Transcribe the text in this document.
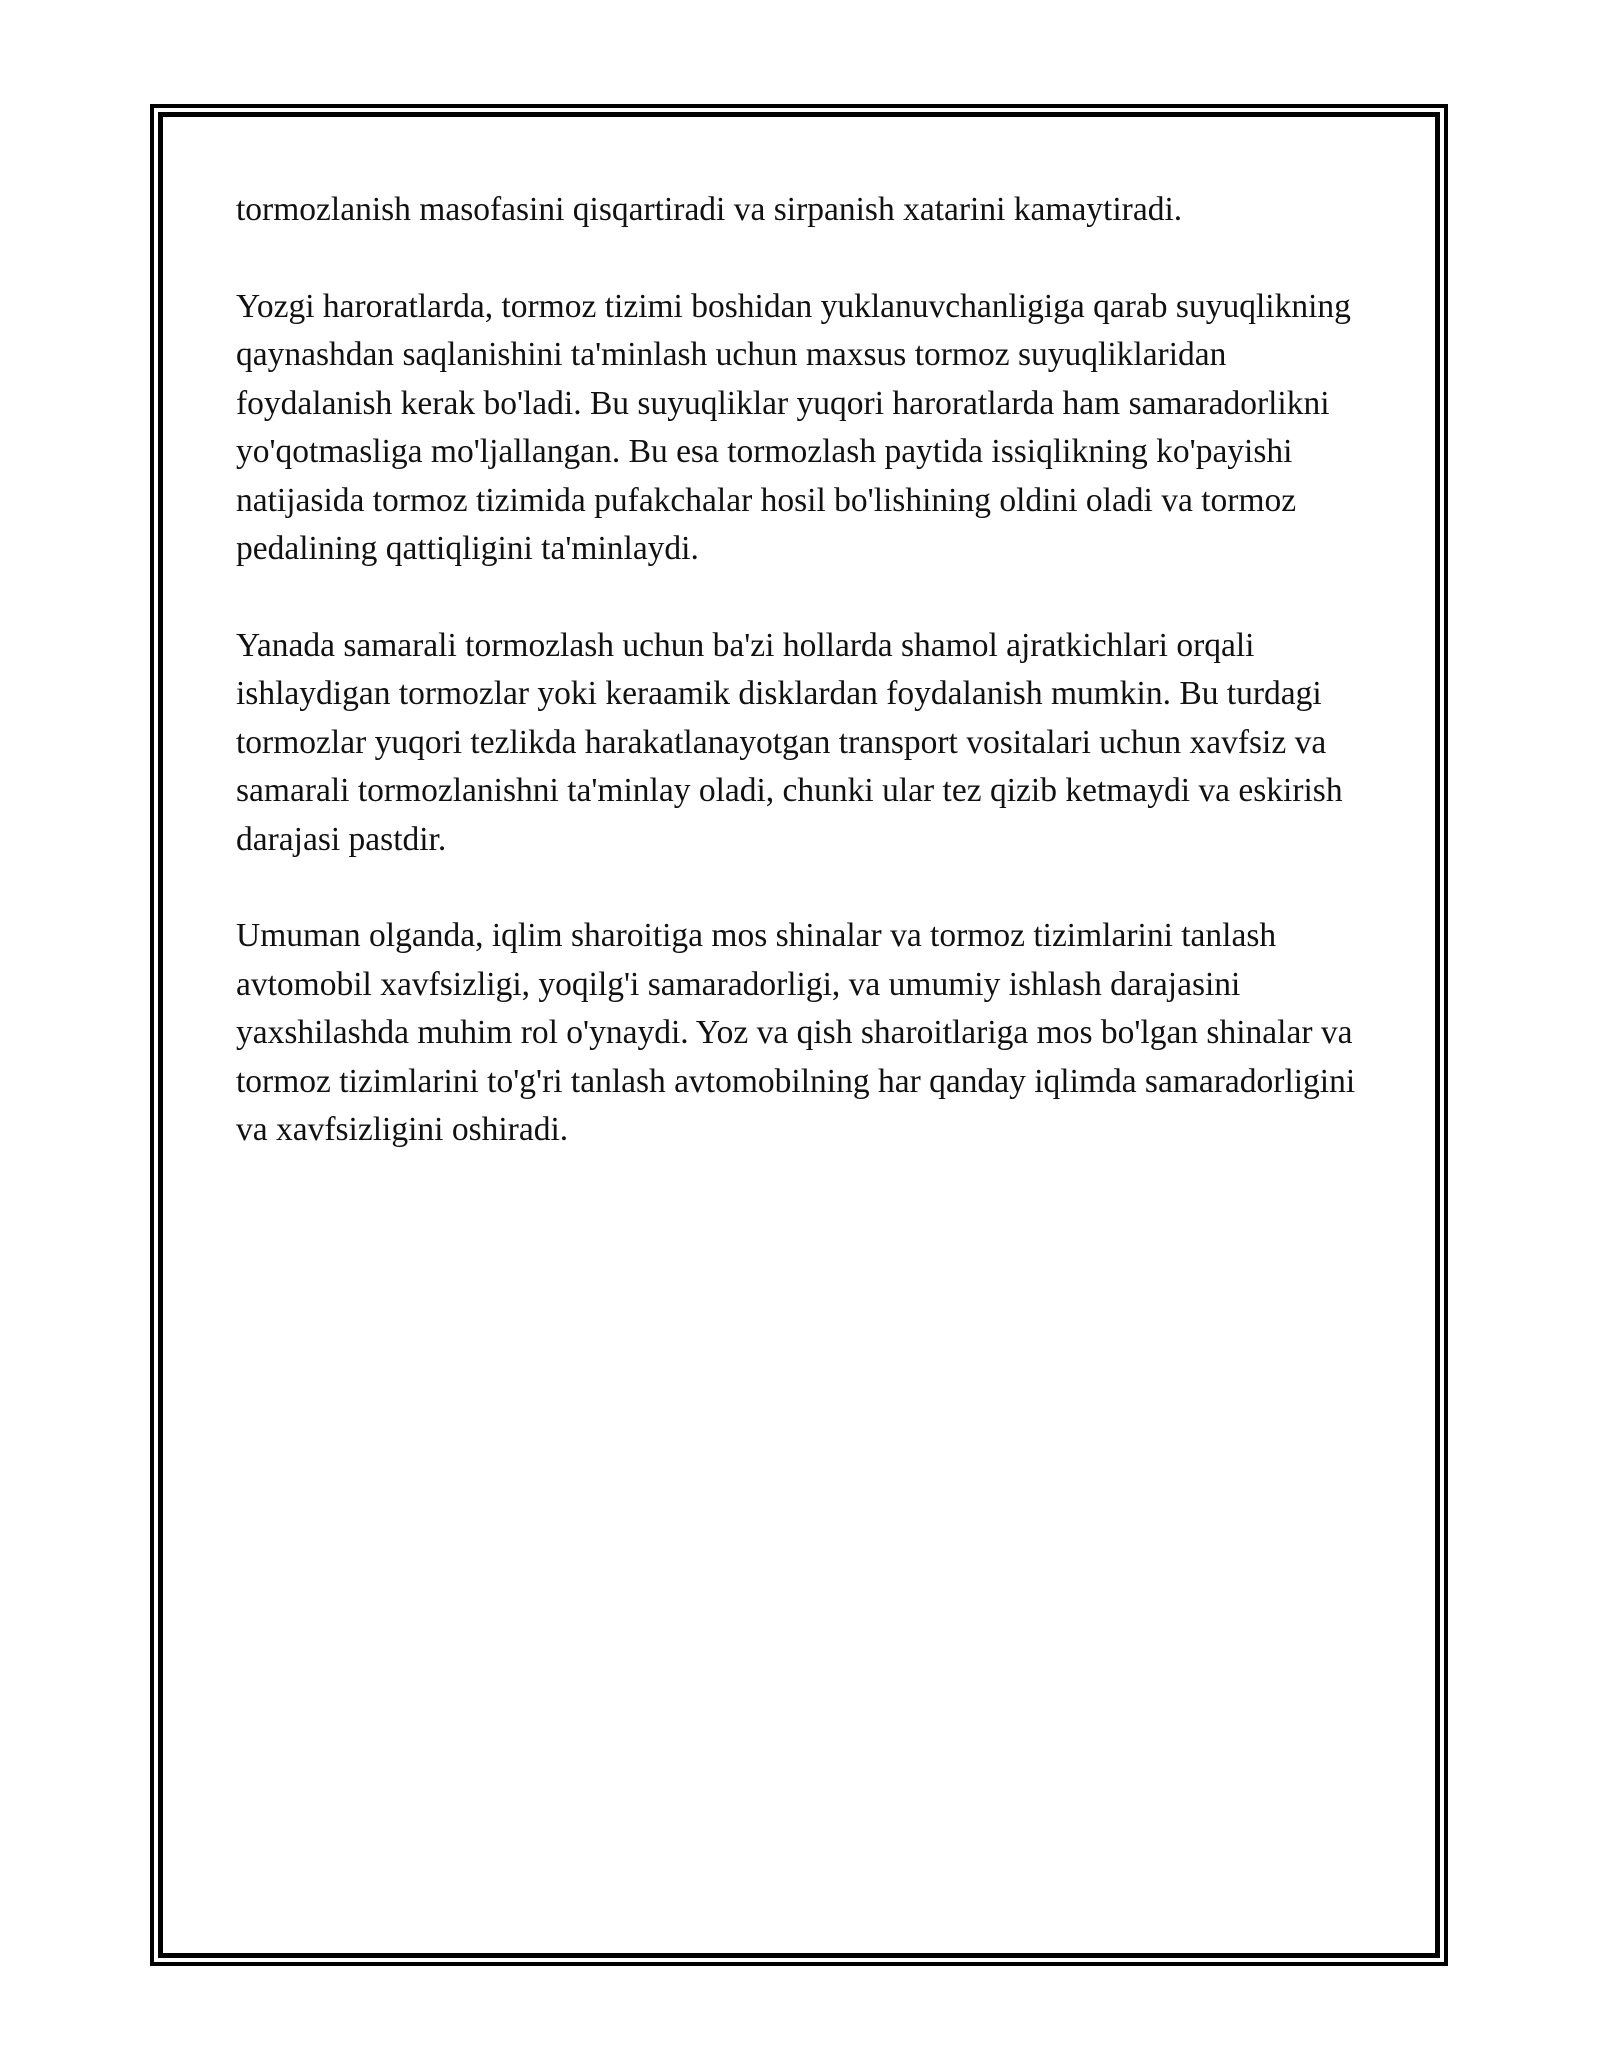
tormozlanish masofasini qisqartiradi va sirpanish xatarini kamaytiradi.

Yozgi haroratlarda, tormoz tizimi boshidan yuklanuvchanligiga qarab suyuqlikning qaynashdan saqlanishini ta'minlash uchun maxsus tormoz suyuqliklaridan foydalanish kerak bo'ladi. Bu suyuqliklar yuqori haroratlarda ham samaradorlikni yo'qotmasliga mo'ljallangan. Bu esa tormozlash paytida issiqlikning ko'payishi natijasida tormoz tizimida pufakchalar hosil bo'lishining oldini oladi va tormoz pedalining qattiqligini ta'minlaydi.

Yanada samarali tormozlash uchun ba'zi hollarda shamol ajratkichlari orqali ishlaydigan tormozlar yoki keraamik disklardan foydalanish mumkin. Bu turdagi tormozlar yuqori tezlikda harakatlanayotgan transport vositalari uchun xavfsiz va samarali tormozlanishni ta'minlay oladi, chunki ular tez qizib ketmaydi va eskirish darajasi pastdir.

Umuman olganda, iqlim sharoitiga mos shinalar va tormoz tizimlarini tanlash avtomobil xavfsizligi, yoqilg'i samaradorligi, va umumiy ishlash darajasini yaxshilashda muhim rol o'ynaydi. Yoz va qish sharoitlariga mos bo'lgan shinalar va tormoz tizimlarini to'g'ri tanlash avtomobilning har qanday iqlimda samaradorligini va xavfsizligini oshiradi.
